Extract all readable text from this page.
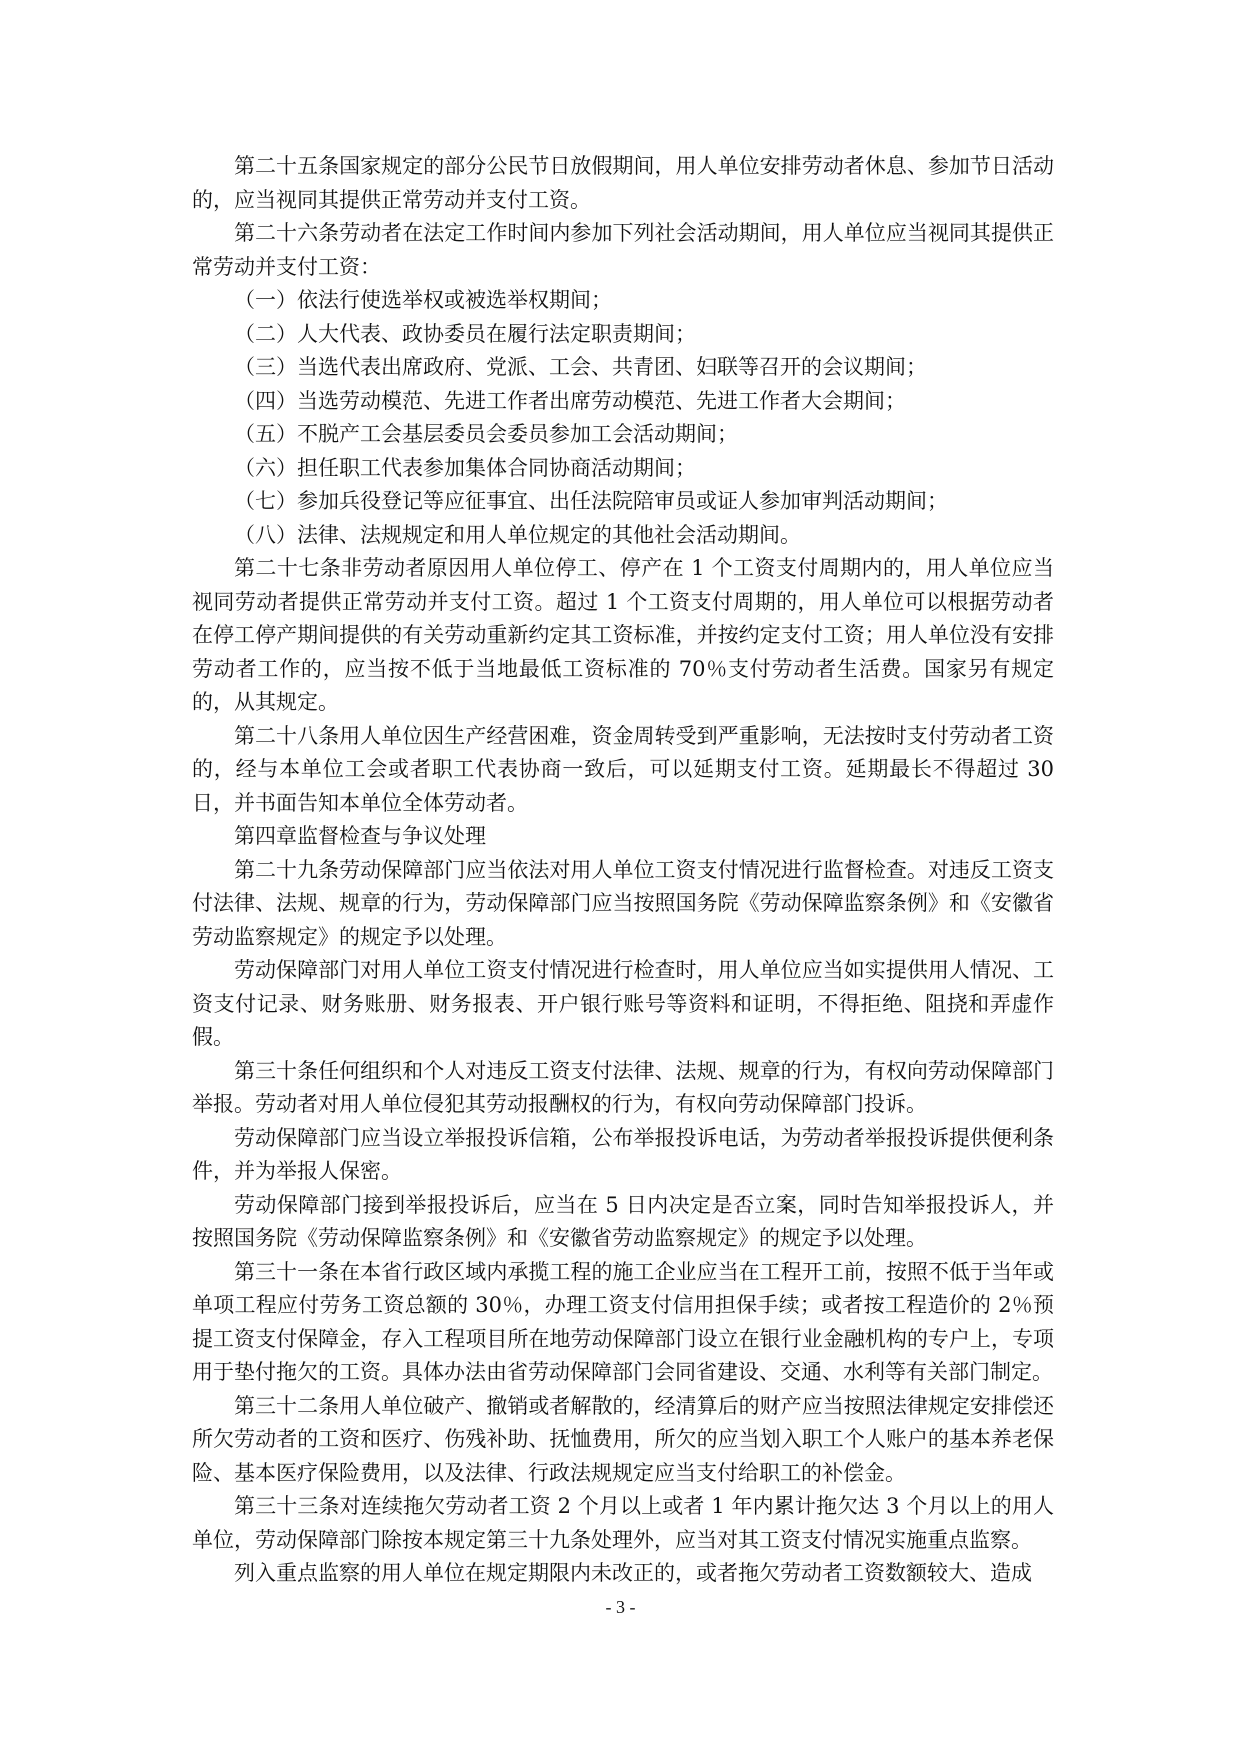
第二十五条国家规定的部分公民节日放假期间，用人单位安排劳动者休息、参加节日活动的，应当视同其提供正常劳动并支付工资。

第二十六条劳动者在法定工作时间内参加下列社会活动期间，用人单位应当视同其提供正常劳动并支付工资：

（一）依法行使选举权或被选举权期间；

（二）人大代表、政协委员在履行法定职责期间；

（三）当选代表出席政府、党派、工会、共青团、妇联等召开的会议期间；

（四）当选劳动模范、先进工作者出席劳动模范、先进工作者大会期间；

（五）不脱产工会基层委员会委员参加工会活动期间；

（六）担任职工代表参加集体合同协商活动期间；

（七）参加兵役登记等应征事宜、出任法院陪审员或证人参加审判活动期间；

（八）法律、法规规定和用人单位规定的其他社会活动期间。

第二十七条非劳动者原因用人单位停工、停产在 1 个工资支付周期内的，用人单位应当视同劳动者提供正常劳动并支付工资。超过 1 个工资支付周期的，用人单位可以根据劳动者在停工停产期间提供的有关劳动重新约定其工资标准，并按约定支付工资；用人单位没有安排劳动者工作的，应当按不低于当地最低工资标准的 70％支付劳动者生活费。国家另有规定的，从其规定。

第二十八条用人单位因生产经营困难，资金周转受到严重影响，无法按时支付劳动者工资的，经与本单位工会或者职工代表协商一致后，可以延期支付工资。延期最长不得超过 30 日，并书面告知本单位全体劳动者。

第四章监督检查与争议处理

第二十九条劳动保障部门应当依法对用人单位工资支付情况进行监督检查。对违反工资支付法律、法规、规章的行为，劳动保障部门应当按照国务院《劳动保障监察条例》和《安徽省劳动监察规定》的规定予以处理。

劳动保障部门对用人单位工资支付情况进行检查时，用人单位应当如实提供用人情况、工资支付记录、财务账册、财务报表、开户银行账号等资料和证明，不得拒绝、阻挠和弄虚作假。

第三十条任何组织和个人对违反工资支付法律、法规、规章的行为，有权向劳动保障部门举报。劳动者对用人单位侵犯其劳动报酬权的行为，有权向劳动保障部门投诉。

劳动保障部门应当设立举报投诉信箱，公布举报投诉电话，为劳动者举报投诉提供便利条件，并为举报人保密。

劳动保障部门接到举报投诉后，应当在 5 日内决定是否立案，同时告知举报投诉人，并按照国务院《劳动保障监察条例》和《安徽省劳动监察规定》的规定予以处理。

第三十一条在本省行政区域内承揽工程的施工企业应当在工程开工前，按照不低于当年或单项工程应付劳务工资总额的 30％，办理工资支付信用担保手续；或者按工程造价的 2％预提工资支付保障金，存入工程项目所在地劳动保障部门设立在银行业金融机构的专户上，专项用于垫付拖欠的工资。具体办法由省劳动保障部门会同省建设、交通、水利等有关部门制定。

第三十二条用人单位破产、撤销或者解散的，经清算后的财产应当按照法律规定安排偿还所欠劳动者的工资和医疗、伤残补助、抚恤费用，所欠的应当划入职工个人账户的基本养老保险、基本医疗保险费用，以及法律、行政法规规定应当支付给职工的补偿金。

第三十三条对连续拖欠劳动者工资 2 个月以上或者 1 年内累计拖欠达 3 个月以上的用人单位，劳动保障部门除按本规定第三十九条处理外，应当对其工资支付情况实施重点监察。

列入重点监察的用人单位在规定期限内未改正的，或者拖欠劳动者工资数额较大、造成

- 3 -
